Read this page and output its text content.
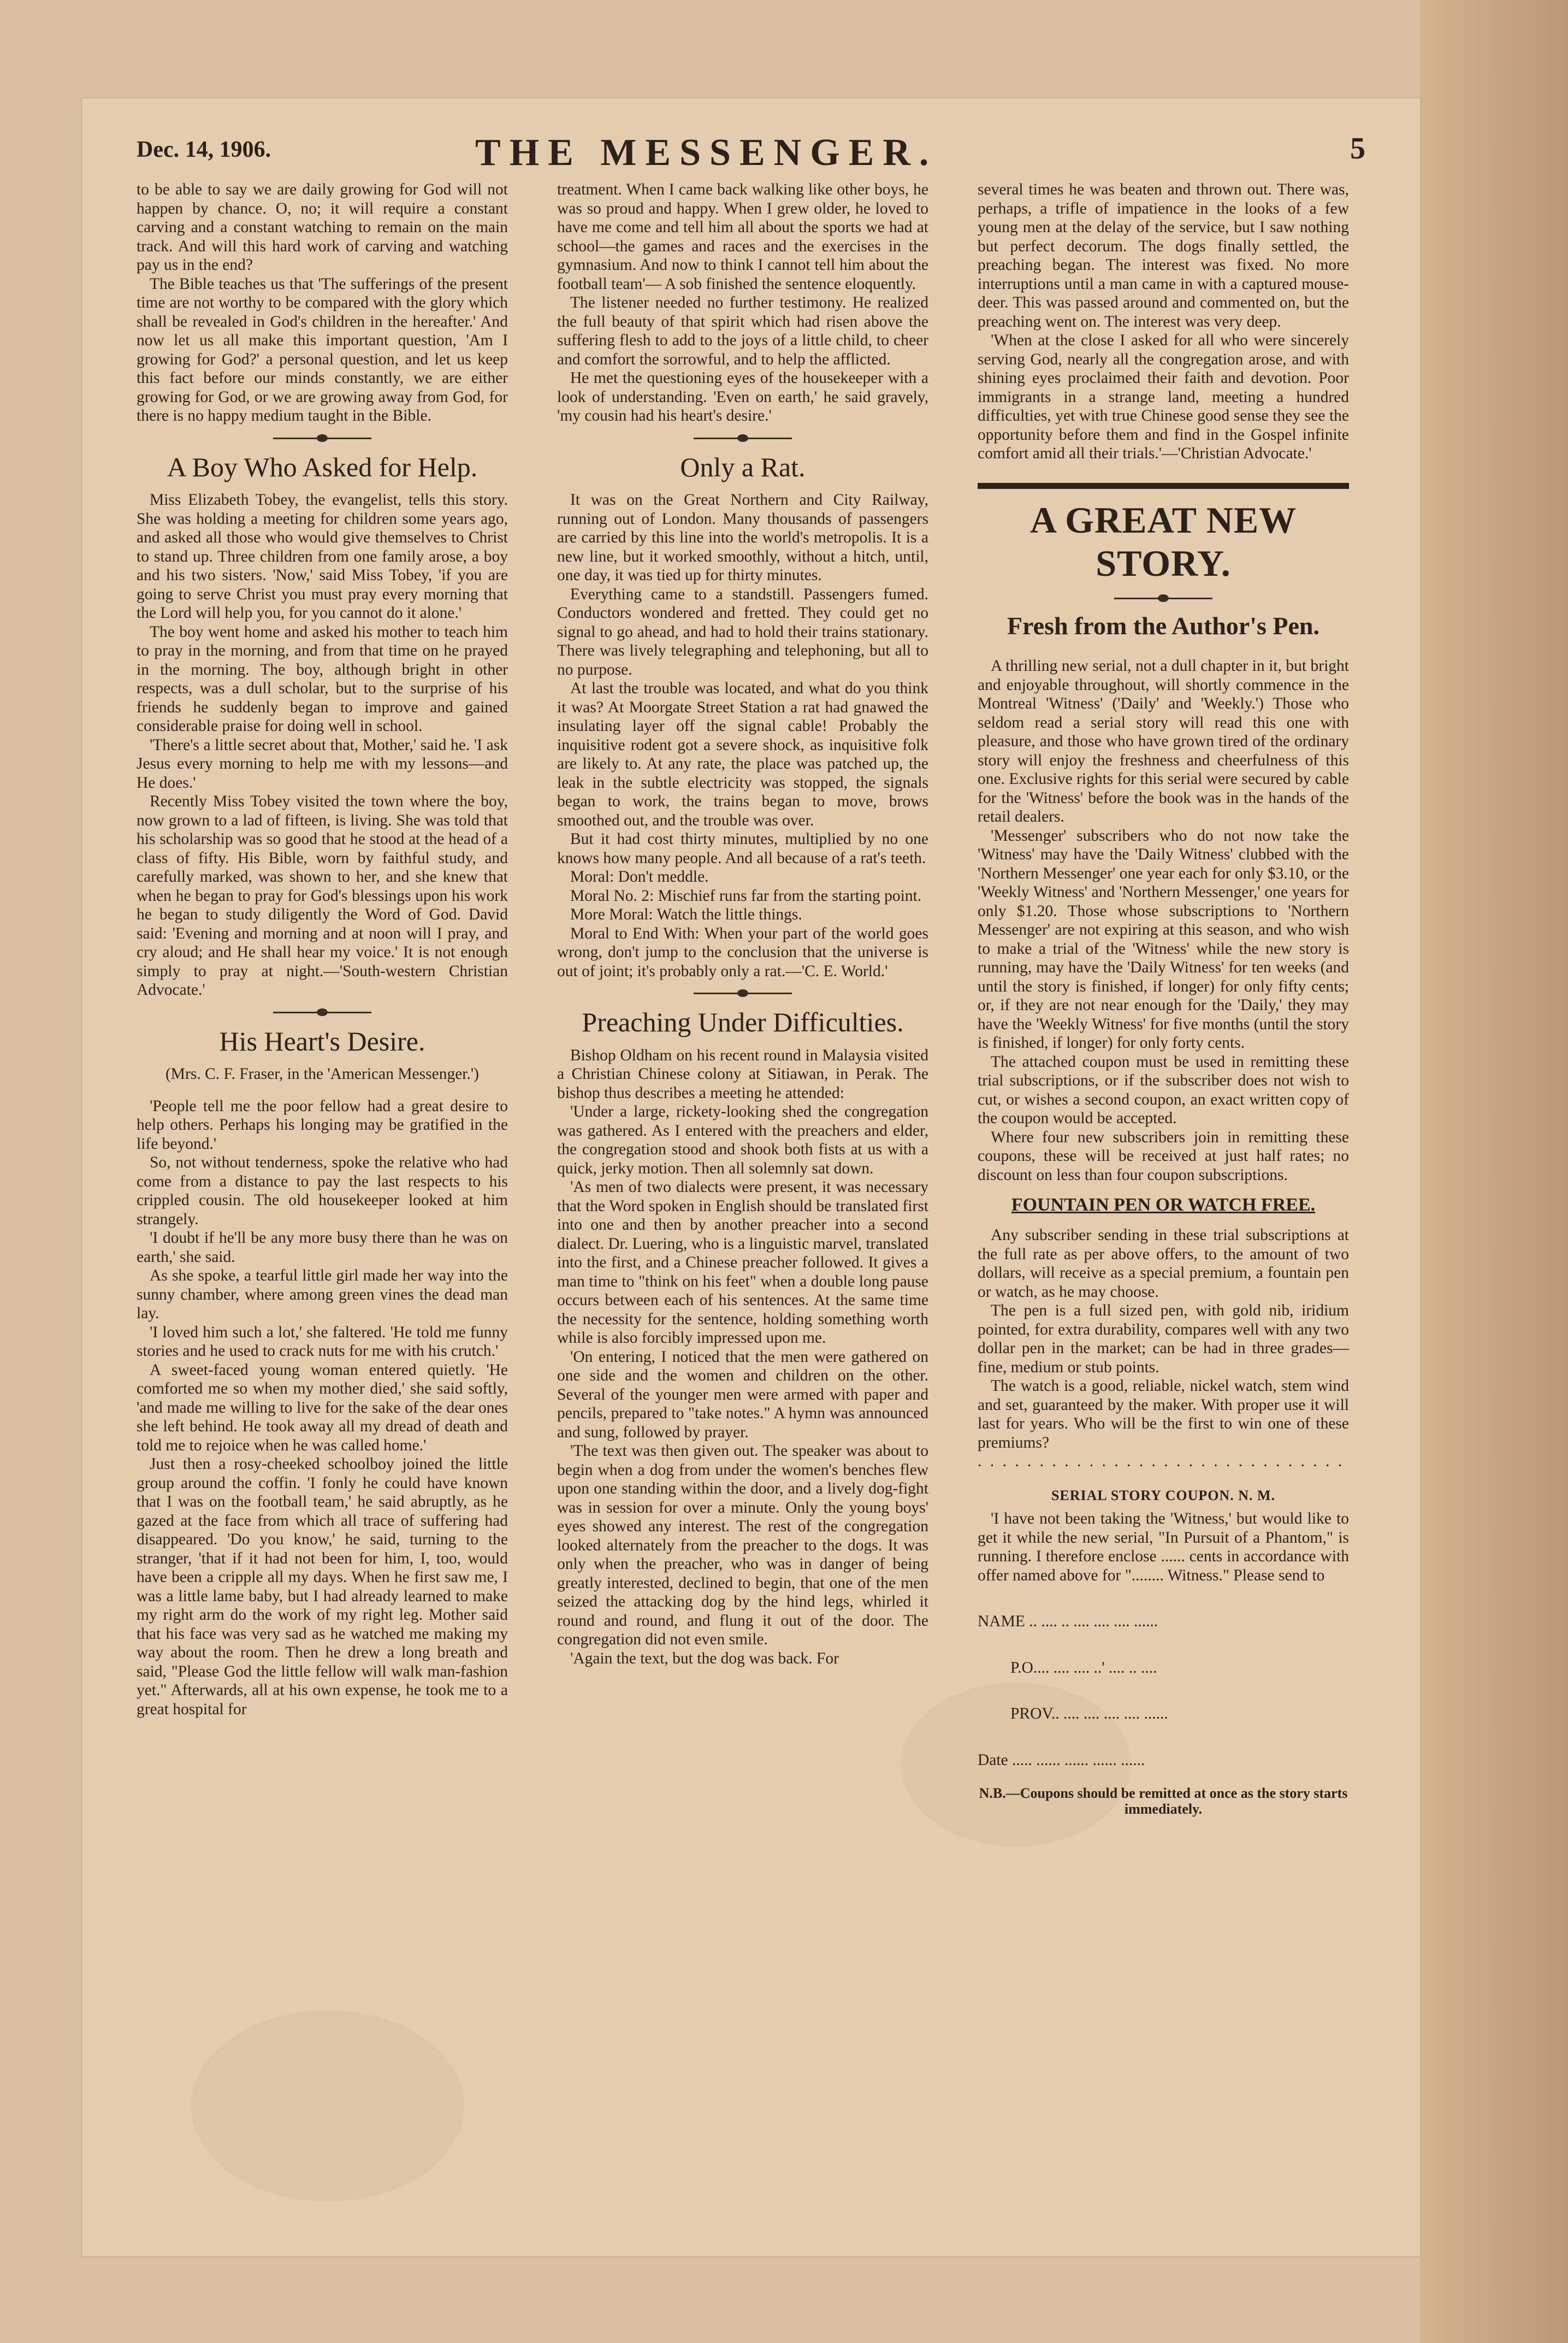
Dec. 14, 1906.	THE MESSENGER.	5

to be able to say we are daily growing for God will not happen by chance. O, no; it will require a constant carving and a constant watching to remain on the main track. And will this hard work of carving and watching pay us in the end?

The Bible teaches us that 'The sufferings of the present time are not worthy to be compared with the glory which shall be revealed in God's children in the hereafter.' And now let us all make this important question, 'Am I growing for God?' a personal question, and let us keep this fact before our minds constantly, we are either growing for God, or we are growing away from God, for there is no happy medium taught in the Bible.

A Boy Who Asked for Help.

Miss Elizabeth Tobey, the evangelist, tells this story. She was holding a meeting for children some years ago, and asked all those who would give themselves to Christ to stand up. Three children from one family arose, a boy and his two sisters. 'Now,' said Miss Tobey, 'if you are going to serve Christ you must pray every morning that the Lord will help you, for you cannot do it alone.'

The boy went home and asked his mother to teach him to pray in the morning, and from that time on he prayed in the morning. The boy, although bright in other respects, was a dull scholar, but to the surprise of his friends he suddenly began to improve and gained considerable praise for doing well in school.

'There's a little secret about that, Mother,' said he. 'I ask Jesus every morning to help me with my lessons—and He does.'

Recently Miss Tobey visited the town where the boy, now grown to a lad of fifteen, is living. She was told that his scholarship was so good that he stood at the head of a class of fifty. His Bible, worn by faithful study, and carefully marked, was shown to her, and she knew that when he began to pray for God's blessings upon his work he began to study diligently the Word of God. David said: 'Evening and morning and at noon will I pray, and cry aloud; and He shall hear my voice.' It is not enough simply to pray at night.—'South-western Christian Advocate.'

His Heart's Desire.

(Mrs. C. F. Fraser, in the 'American Messenger.')

'People tell me the poor fellow had a great desire to help others. Perhaps his longing may be gratified in the life beyond.'

So, not without tenderness, spoke the relative who had come from a distance to pay the last respects to his crippled cousin. The old housekeeper looked at him strangely.

'I doubt if he'll be any more busy there than he was on earth,' she said.

As she spoke, a tearful little girl made her way into the sunny chamber, where among green vines the dead man lay.

'I loved him such a lot,' she faltered. 'He told me funny stories and he used to crack nuts for me with his crutch.'

A sweet-faced young woman entered quietly. 'He comforted me so when my mother died,' she said softly, 'and made me willing to live for the sake of the dear ones she left behind. He took away all my dread of death and told me to rejoice when he was called home.'

Just then a rosy-cheeked schoolboy joined the little group around the coffin. 'I fonly he could have known that I was on the football team,' he said abruptly, as he gazed at the face from which all trace of suffering had disappeared. 'Do you know,' he said, turning to the stranger, 'that if it had not been for him, I, too, would have been a cripple all my days. When he first saw me, I was a little lame baby, but I had already learned to make my right arm do the work of my right leg. Mother said that his face was very sad as he watched me making my way about the room. Then he drew a long breath and said, "Please God the little fellow will walk man-fashion yet." Afterwards, all at his own expense, he took me to a great hospital for

treatment. When I came back walking like other boys, he was so proud and happy. When I grew older, he loved to have me come and tell him all about the sports we had at school—the games and races and the exercises in the gymnasium. And now to think I cannot tell him about the football team'— A sob finished the sentence eloquently.

The listener needed no further testimony. He realized the full beauty of that spirit which had risen above the suffering flesh to add to the joys of a little child, to cheer and comfort the sorrowful, and to help the afflicted.

He met the questioning eyes of the housekeeper with a look of understanding. 'Even on earth,' he said gravely, 'my cousin had his heart's desire.'

Only a Rat.

It was on the Great Northern and City Railway, running out of London. Many thousands of passengers are carried by this line into the world's metropolis. It is a new line, but it worked smoothly, without a hitch, until, one day, it was tied up for thirty minutes.

Everything came to a standstill. Passengers fumed. Conductors wondered and fretted. They could get no signal to go ahead, and had to hold their trains stationary. There was lively telegraphing and telephoning, but all to no purpose.

At last the trouble was located, and what do you think it was? At Moorgate Street Station a rat had gnawed the insulating layer off the signal cable! Probably the inquisitive rodent got a severe shock, as inquisitive folk are likely to. At any rate, the place was patched up, the leak in the subtle electricity was stopped, the signals began to work, the trains began to move, brows smoothed out, and the trouble was over.

But it had cost thirty minutes, multiplied by no one knows how many people. And all because of a rat's teeth.

Moral: Don't meddle.

Moral No. 2: Mischief runs far from the starting point.

More Moral: Watch the little things.

Moral to End With: When your part of the world goes wrong, don't jump to the conclusion that the universe is out of joint; it's probably only a rat.—'C. E. World.'

Preaching Under Difficulties.

Bishop Oldham on his recent round in Malaysia visited a Christian Chinese colony at Sitiawan, in Perak. The bishop thus describes a meeting he attended:

'Under a large, rickety-looking shed the congregation was gathered. As I entered with the preachers and elder, the congregation stood and shook both fists at us with a quick, jerky motion. Then all solemnly sat down.

'As men of two dialects were present, it was necessary that the Word spoken in English should be translated first into one and then by another preacher into a second dialect. Dr. Luering, who is a linguistic marvel, translated into the first, and a Chinese preacher followed. It gives a man time to "think on his feet" when a double long pause occurs between each of his sentences. At the same time the necessity for the sentence, holding something worth while is also forcibly impressed upon me.

'On entering, I noticed that the men were gathered on one side and the women and children on the other. Several of the younger men were armed with paper and pencils, prepared to "take notes." A hymn was announced and sung, followed by prayer.

'The text was then given out. The speaker was about to begin when a dog from under the women's benches flew upon one standing within the door, and a lively dog-fight was in session for over a minute. Only the young boys' eyes showed any interest. The rest of the congregation looked alternately from the preacher to the dogs. It was only when the preacher, who was in danger of being greatly interested, declined to begin, that one of the men seized the attacking dog by the hind legs, whirled it round and round, and flung it out of the door. The congregation did not even smile.

'Again the text, but the dog was back. For

several times he was beaten and thrown out. There was, perhaps, a trifle of impatience in the looks of a few young men at the delay of the service, but I saw nothing but perfect decorum. The dogs finally settled, the preaching began. The interest was fixed. No more interruptions until a man came in with a captured mouse-deer. This was passed around and commented on, but the preaching went on. The interest was very deep.

'When at the close I asked for all who were sincerely serving God, nearly all the congregation arose, and with shining eyes proclaimed their faith and devotion. Poor immigrants in a strange land, meeting a hundred difficulties, yet with true Chinese good sense they see the opportunity before them and find in the Gospel infinite comfort amid all their trials.'—'Christian Advocate.'

A GREAT NEW STORY.
Fresh from the Author's Pen.

A thrilling new serial, not a dull chapter in it, but bright and enjoyable throughout, will shortly commence in the Montreal 'Witness' ('Daily' and 'Weekly.') Those who seldom read a serial story will read this one with pleasure, and those who have grown tired of the ordinary story will enjoy the freshness and cheerfulness of this one. Exclusive rights for this serial were secured by cable for the 'Witness' before the book was in the hands of the retail dealers.

'Messenger' subscribers who do not now take the 'Witness' may have the 'Daily Witness' clubbed with the 'Northern Messenger' one year each for only $3.10, or the 'Weekly Witness' and 'Northern Messenger,' one years for only $1.20. Those whose subscriptions to 'Northern Messenger' are not expiring at this season, and who wish to make a trial of the 'Witness' while the new story is running, may have the 'Daily Witness' for ten weeks (and until the story is finished, if longer) for only fifty cents; or, if they are not near enough for the 'Daily,' they may have the 'Weekly Witness' for five months (until the story is finished, if longer) for only forty cents.

The attached coupon must be used in remitting these trial subscriptions, or if the subscriber does not wish to cut, or wishes a second coupon, an exact written copy of the coupon would be accepted.

Where four new subscribers join in remitting these coupons, these will be received at just half rates; no discount on less than four coupon subscriptions.

FOUNTAIN PEN OR WATCH FREE.

Any subscriber sending in these trial subscriptions at the full rate as per above offers, to the amount of two dollars, will receive as a special premium, a fountain pen or watch, as he may choose.

The pen is a full sized pen, with gold nib, iridium pointed, for extra durability, compares well with any two dollar pen in the market; can be had in three grades—fine, medium or stub points.

The watch is a good, reliable, nickel watch, stem wind and set, guaranteed by the maker. With proper use it will last for years. Who will be the first to win one of these premiums?

. . . . . . . . . . . . . . . . . . . . . . . . . . . . . .

SERIAL STORY COUPON. N. M.

'I have not been taking the 'Witness,' but would like to get it while the new serial, "In Pursuit of a Phantom," is running. I therefore enclose ...... cents in accordance with offer named above for "........ Witness." Please send to

NAME .. .... .. .... .... .... ......

P.O.... .... .... ..' .... .. ....

PROV.. .... .... .... .... ......

Date ..... ...... ...... ...... ......

N.B.—Coupons should be remitted at once as the story starts immediately.
